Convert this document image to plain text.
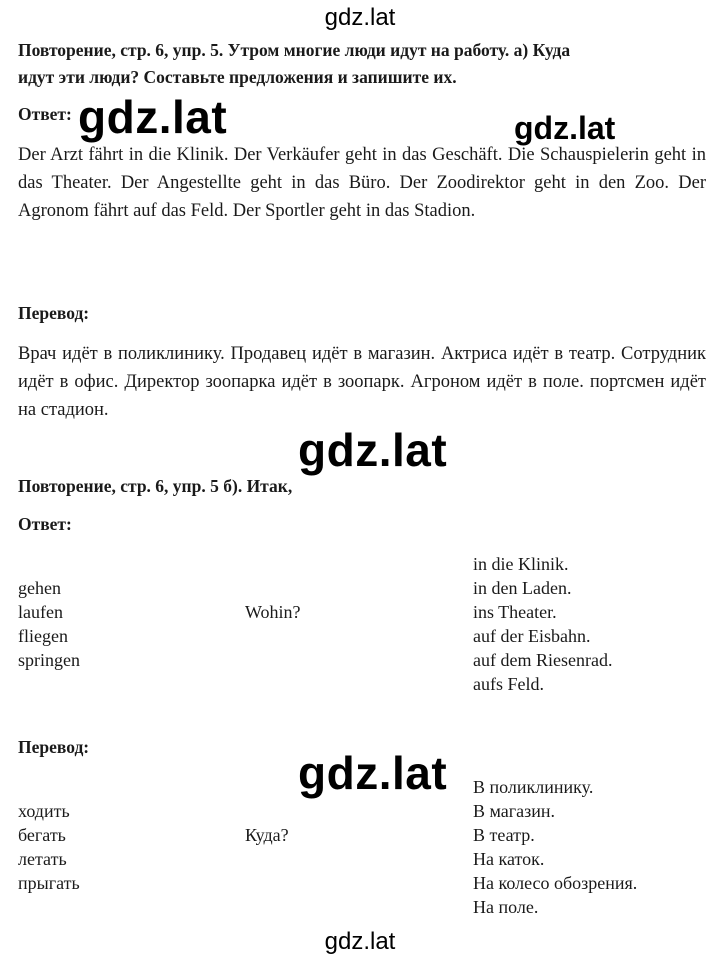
gdz.lat
Повторение, стр. 6, упр. 5. Утром многие люди идут на работу. а) Куда
идут эти люди? Составьте предложения и запишите их.
Ответ: gdz.lat	gdz.lat
Der Arzt fährt in die Klinik. Der Verkäufer geht in das Geschäft. Die Schauspielerin geht in das Theater. Der Angestellte geht in das Büro. Der Zoodirektor geht in den Zoo. Der Agronom fährt auf das Feld. Der Sportler geht in das Stadion.
Перевод:
Врач идёт в поликлинику. Продавец идёт в магазин. Актриса идёт в театр. Сотрудник идёт в офис. Директор зоопарка идёт в зоопарк. Агроном идёт в поле. портсмен идёт на стадион.
gdz.lat
Повторение, стр. 6, упр. 5 б). Итак,
Ответ:
gehen
laufen
fliegen
springen
Wohin?
in die Klinik.
in den Laden.
ins Theater.
auf der Eisbahn.
auf dem Riesenrad.
aufs Feld.
Перевод:
ходить
бегать
летать
прыгать
Куда?
В поликлинику.
В магазин.
В театр.
На каток.
На колесо обозрения.
На поле.
gdz.lat
gdz.lat
